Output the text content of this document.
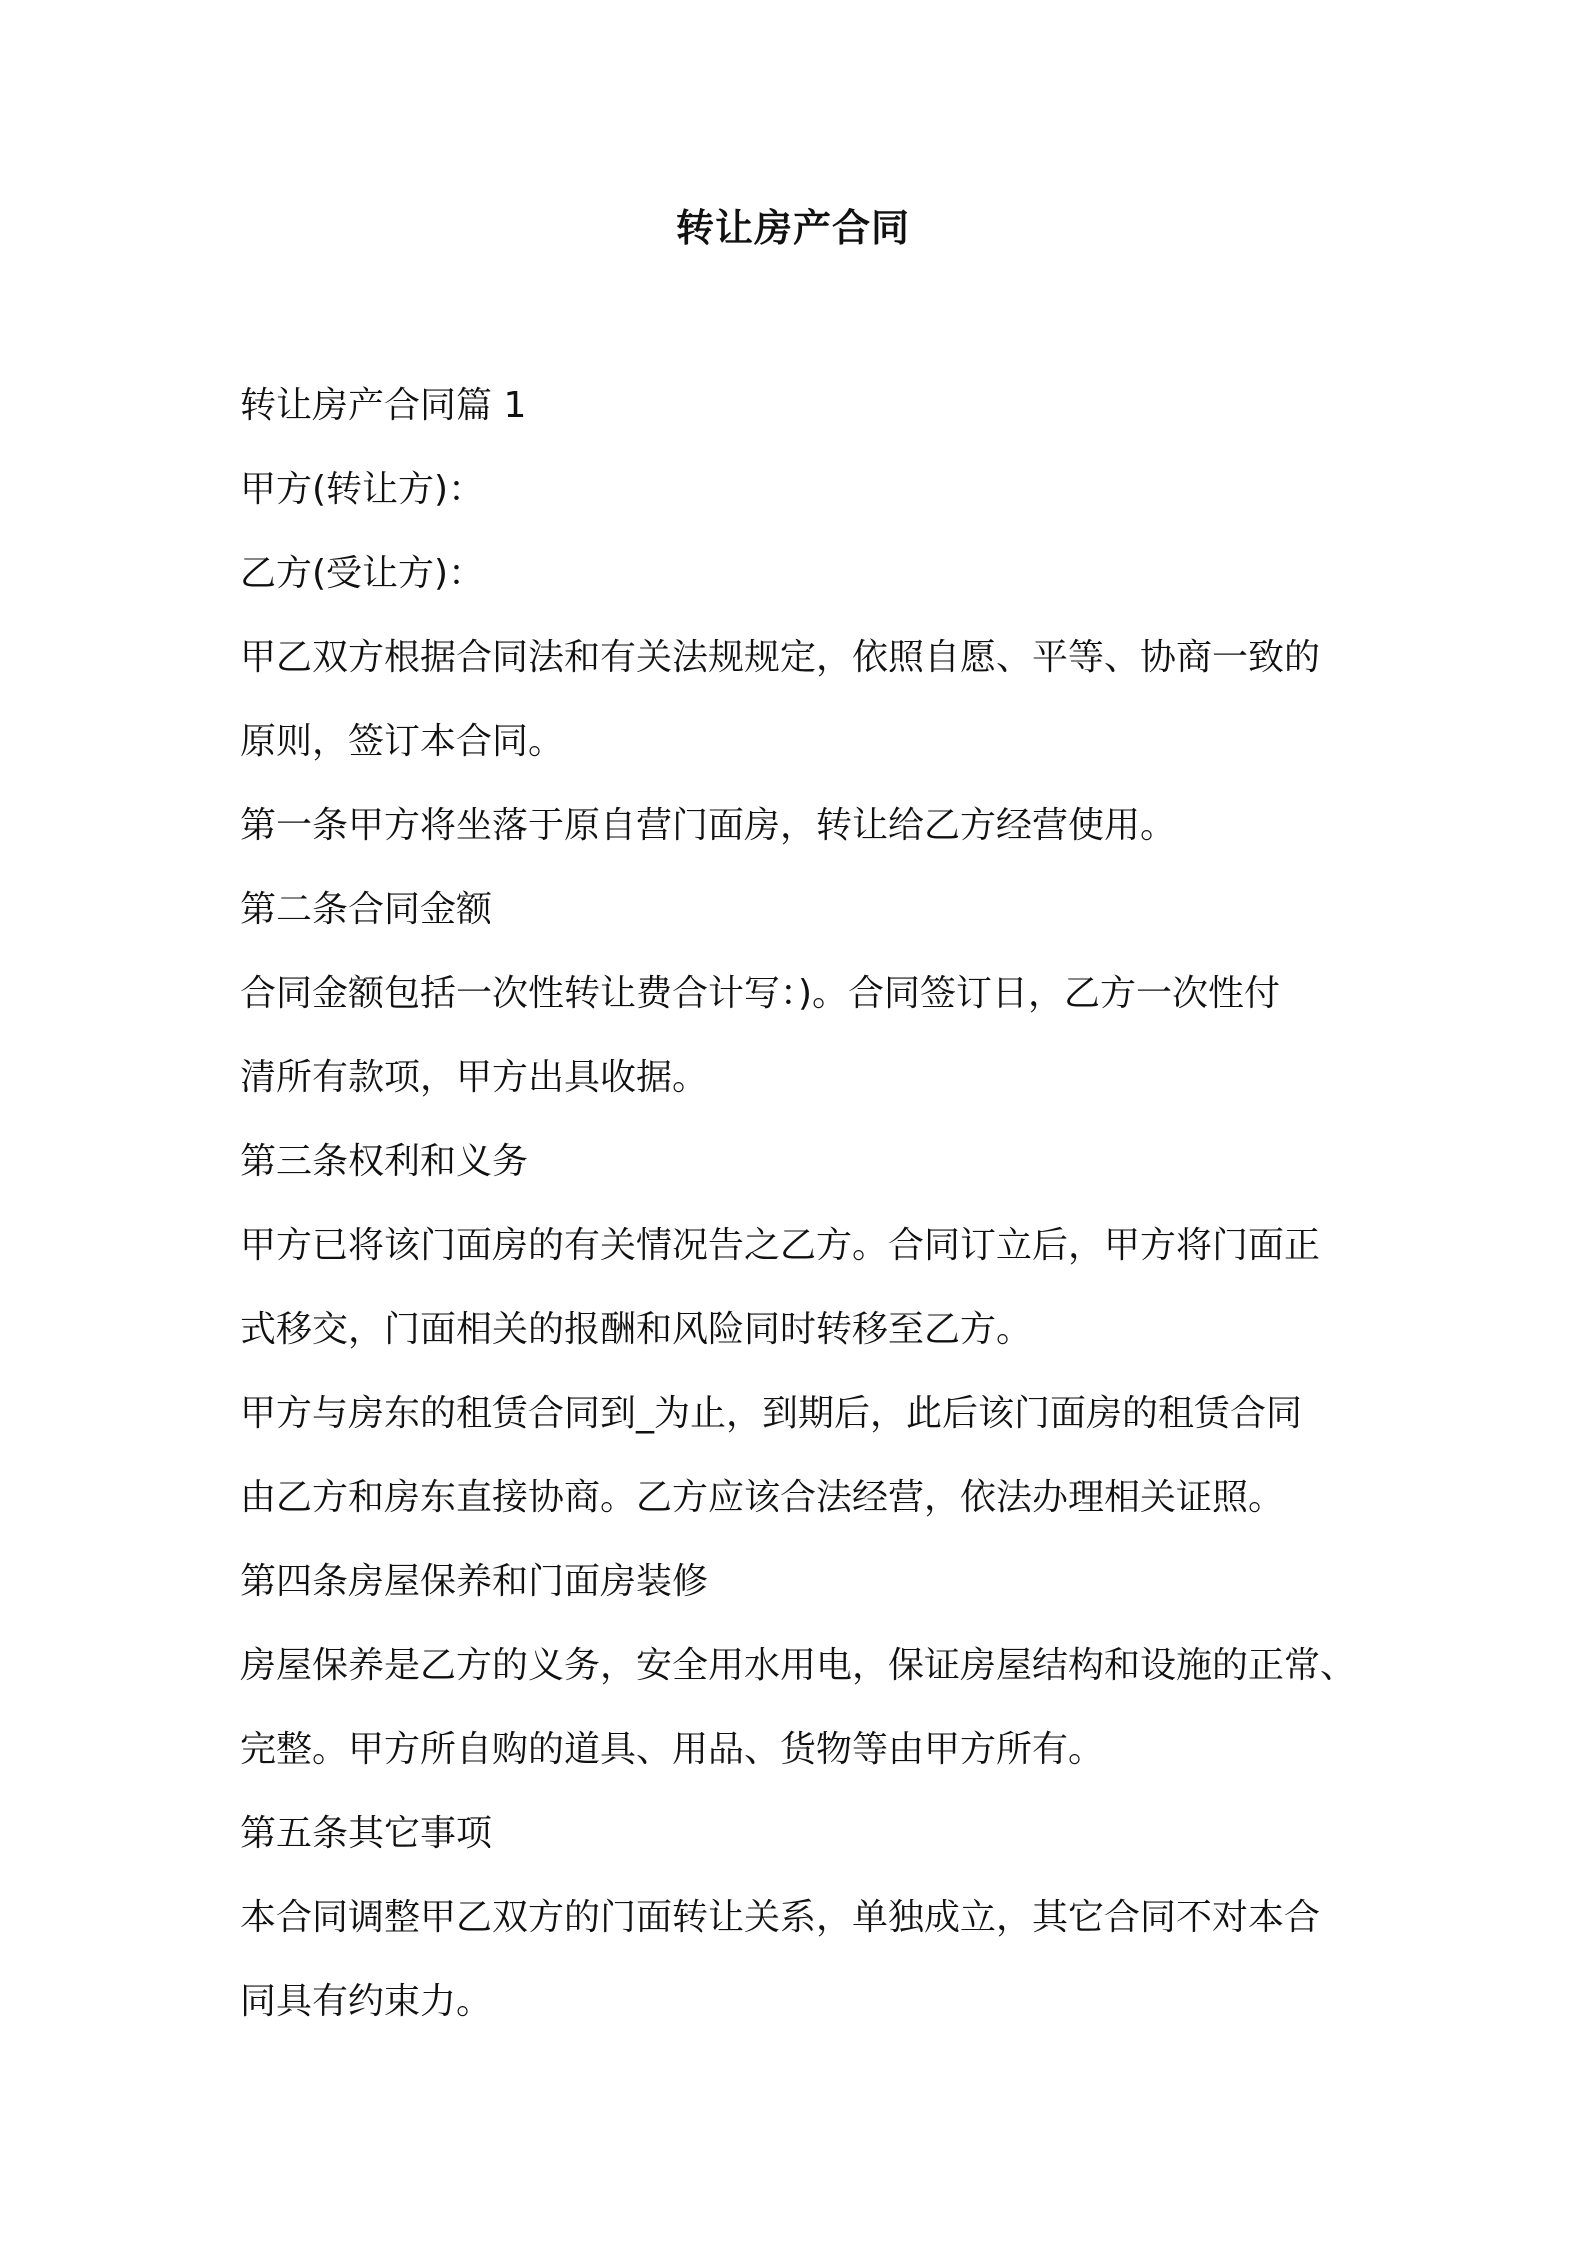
转让房产合同
转让房产合同篇 1
甲方(转让方)：
乙方(受让方)：
甲乙双方根据合同法和有关法规规定，依照自愿、平等、协商一致的
原则，签订本合同。
第一条甲方将坐落于原自营门面房，转让给乙方经营使用。
第二条合同金额
合同金额包括一次性转让费合计写：)。合同签订日，乙方一次性付
清所有款项，甲方出具收据。
第三条权利和义务
甲方已将该门面房的有关情况告之乙方。合同订立后，甲方将门面正
式移交，门面相关的报酬和风险同时转移至乙方。
甲方与房东的租赁合同到_为止，到期后，此后该门面房的租赁合同
由乙方和房东直接协商。乙方应该合法经营，依法办理相关证照。
第四条房屋保养和门面房装修
房屋保养是乙方的义务，安全用水用电，保证房屋结构和设施的正常、
完整。甲方所自购的道具、用品、货物等由甲方所有。
第五条其它事项
本合同调整甲乙双方的门面转让关系，单独成立，其它合同不对本合
同具有约束力。
